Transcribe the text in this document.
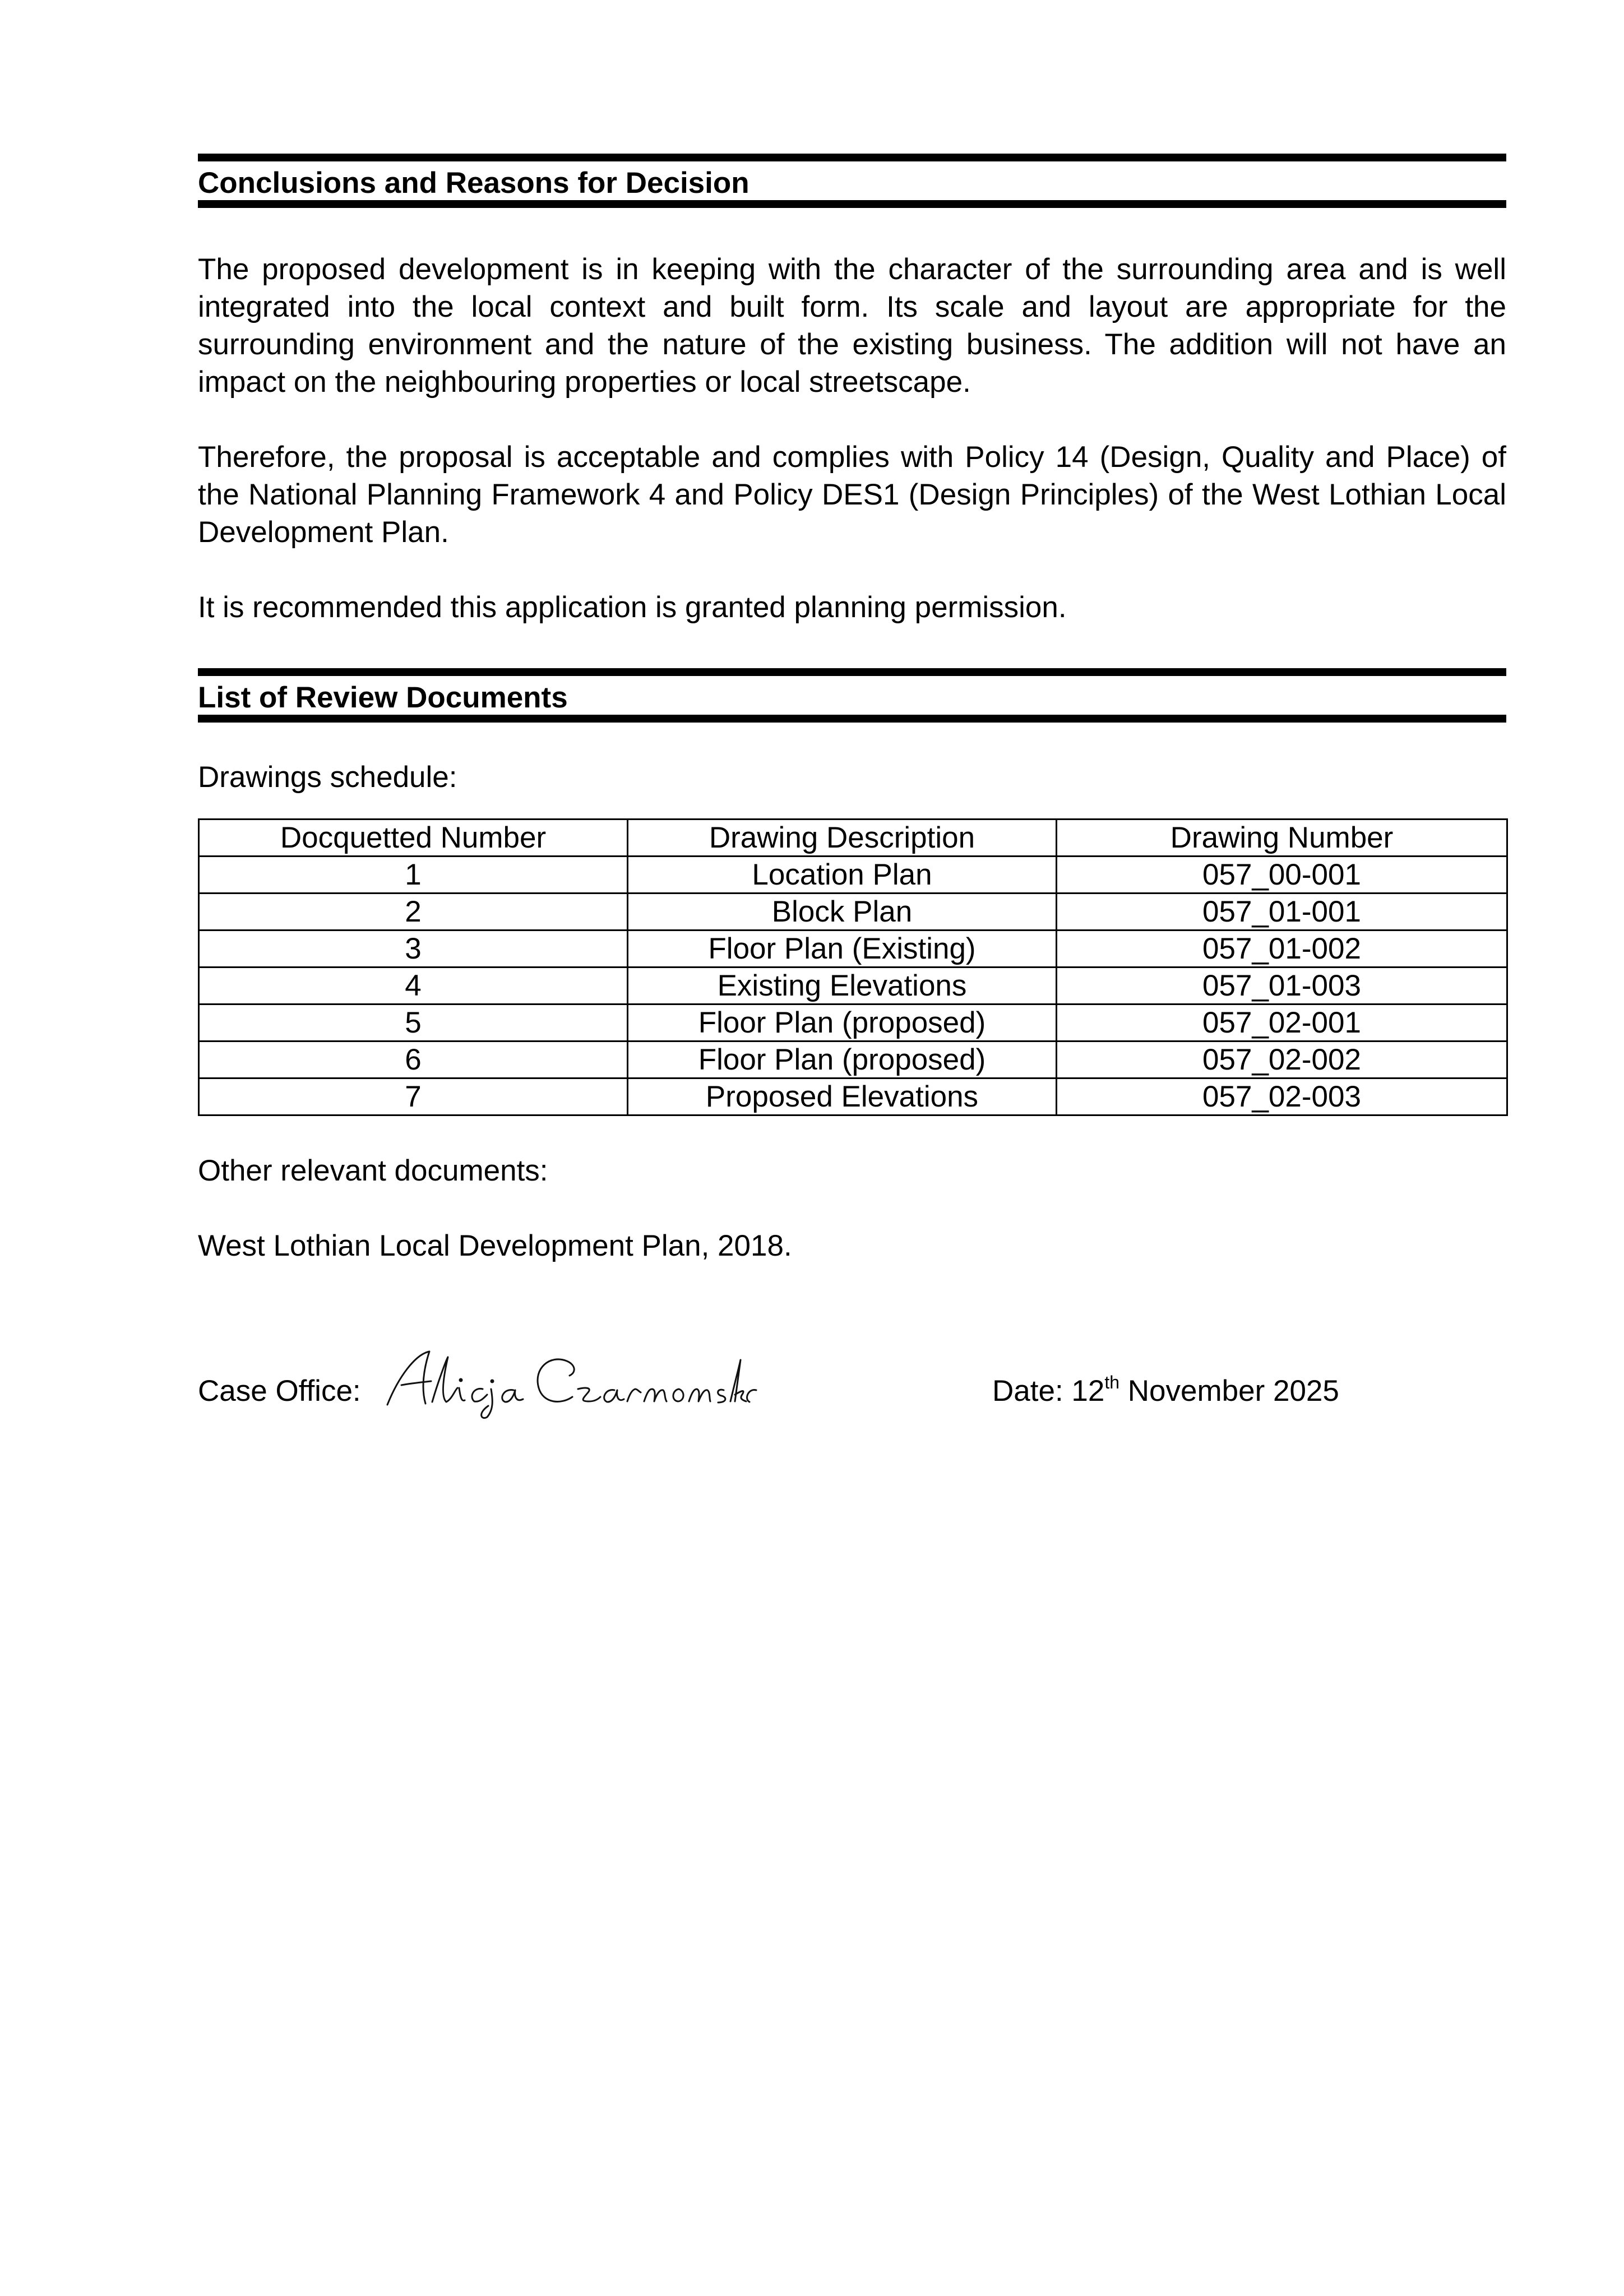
Conclusions and Reasons for Decision

The proposed development is in keeping with the character of the surrounding area and is well integrated into the local context and built form. Its scale and layout are appropriate for the surrounding environment and the nature of the existing business. The addition will not have an impact on the neighbouring properties or local streetscape.

Therefore, the proposal is acceptable and complies with Policy 14 (Design, Quality and Place) of the National Planning Framework 4 and Policy DES1 (Design Principles) of the West Lothian Local Development Plan.

It is recommended this application is granted planning permission.

List of Review Documents

Drawings schedule:

Docquetted Number	Drawing Description	Drawing Number
1	Location Plan	057_00-001
2	Block Plan	057_01-001
3	Floor Plan (Existing)	057_01-002
4	Existing Elevations	057_01-003
5	Floor Plan (proposed)	057_02-001
6	Floor Plan (proposed)	057_02-002
7	Proposed Elevations	057_02-003

Other relevant documents:

West Lothian Local Development Plan, 2018.

Case Office:	Date: 12th November 2025
